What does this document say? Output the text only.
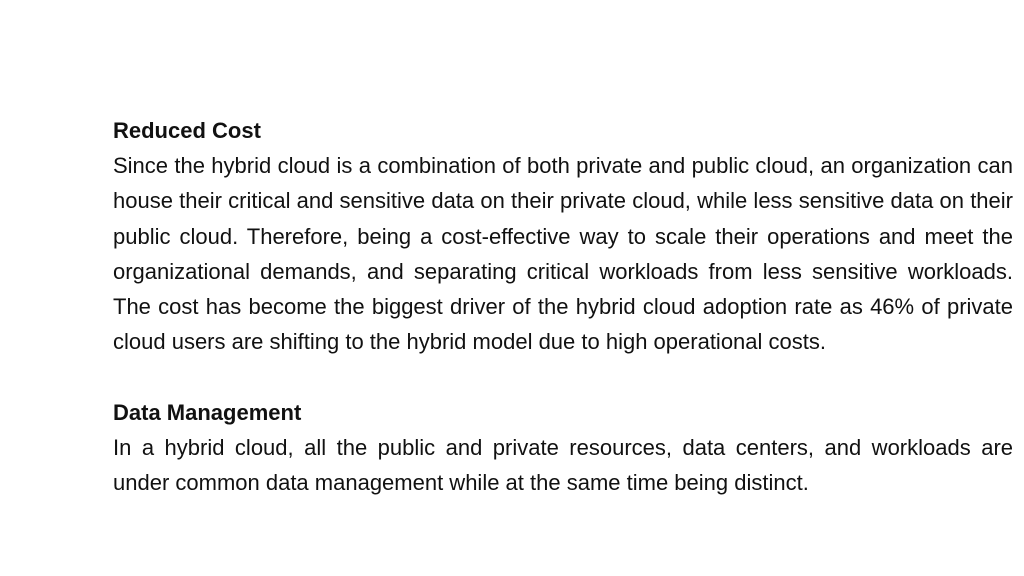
Reduced Cost

Since the hybrid cloud is a combination of both private and public cloud, an organization can house their critical and sensitive data on their private cloud, while less sensitive data on their public cloud. Therefore, being a cost-effective way to scale their operations and meet the organizational demands, and separating critical workloads from less sensitive workloads. The cost has become the biggest driver of the hybrid cloud adoption rate as 46% of private cloud users are shifting to the hybrid model due to high operational costs.

Data Management

In a hybrid cloud, all the public and private resources, data centers, and workloads are under common data management while at the same time being distinct.
